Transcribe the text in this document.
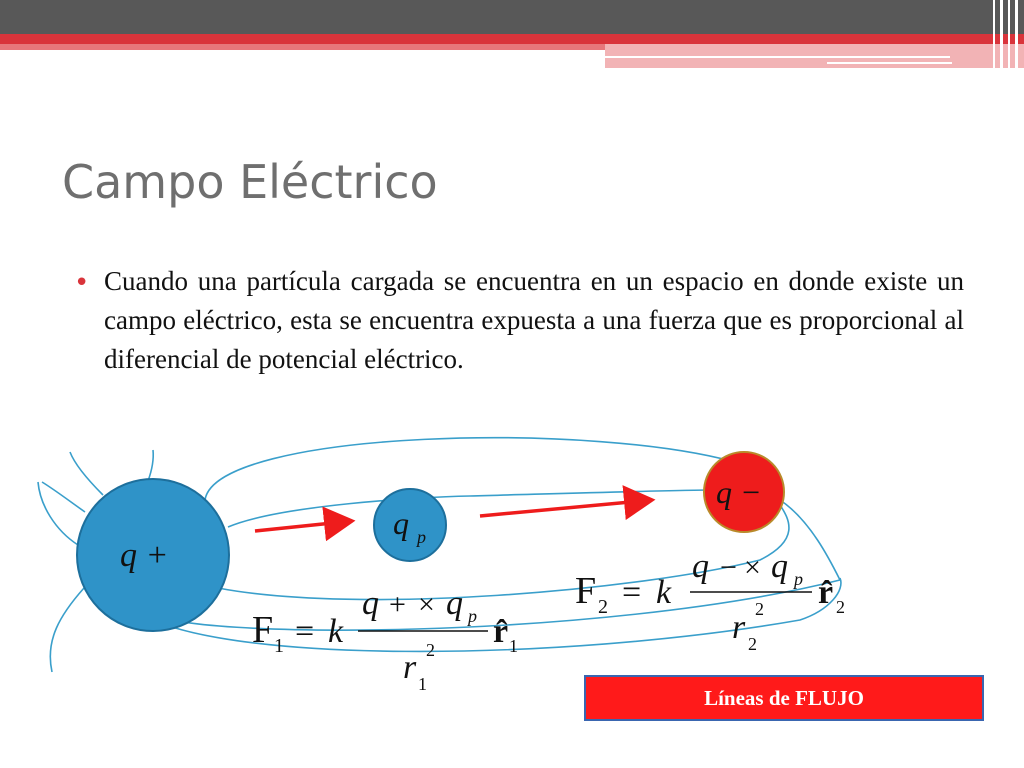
Campo Eléctrico
• Cuando una partícula cargada se encuentra en un espacio en donde existe un campo eléctrico, esta se encuentra expuesta a una fuerza que es proporcional al diferencial de potencial eléctrico.
q +
q p
q −
F 1 = k
q + × q p
r 1
2 r̂ 1
F 2 = k
q − × q p
r 2
2 r̂ 2
Líneas de FLUJO
